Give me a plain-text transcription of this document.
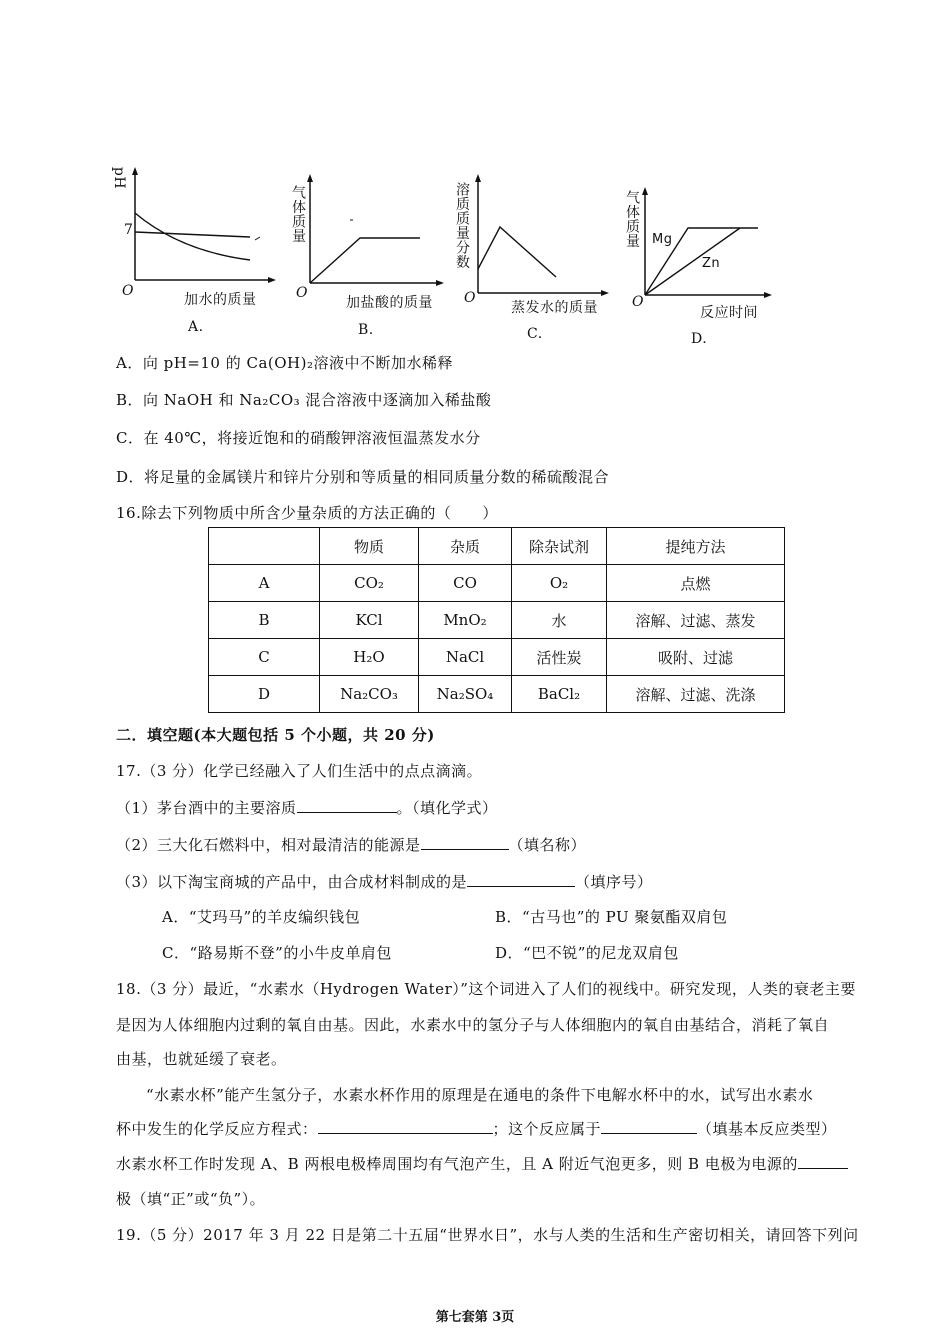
pH
7
O
加水的质量
A.
气体质量
O
加盐酸的质量
B.
溶质质量分数
O
蒸发水的质量
C.
气体质量 Mg
Zn
O
反应时间
D.
A．向 pH=10 的 Ca(OH)₂溶液中不断加水稀释
B．向 NaOH 和 Na₂CO₃ 混合溶液中逐滴加入稀盐酸
C．在 40℃，将接近饱和的硝酸钾溶液恒温蒸发水分
D．将足量的金属镁片和锌片分别和等质量的相同质量分数的稀硫酸混合
16.除去下列物质中所含少量杂质的方法正确的（　　）
	物质	杂质	除杂试剂	提纯方法
A	CO₂	CO	O₂	点燃
B	KCl	MnO₂	水	溶解、过滤、蒸发
C	H₂O	NaCl	活性炭	吸附、过滤
D	Na₂CO₃	Na₂SO₄	BaCl₂	溶解、过滤、洗涤
二．填空题(本大题包括 5 个小题，共 20 分)
17.（3 分）化学已经融入了人们生活中的点点滴滴。
（1）茅台酒中的主要溶质	。（填化学式）
（2）三大化石燃料中，相对最清洁的能源是	（填名称）
（3）以下淘宝商城的产品中，由合成材料制成的是	（填序号）
A．“艾玛马”的羊皮编织钱包	B．“古马也”的 PU 聚氨酯双肩包
C．“路易斯不登”的小牛皮单肩包	D．“巴不锐”的尼龙双肩包
18.（3 分）最近，“水素水（Hydrogen Water）”这个词进入了人们的视线中。研究发现，人类的衰老主要
是因为人体细胞内过剩的氧自由基。因此，水素水中的氢分子与人体细胞内的氧自由基结合，消耗了氧自
由基，也就延缓了衰老。
“水素水杯”能产生氢分子，水素水杯作用的原理是在通电的条件下电解水杯中的水，试写出水素水
杯中发生的化学反应方程式：	；这个反应属于	（填基本反应类型）
水素水杯工作时发现 A、B 两根电极棒周围均有气泡产生，且 A 附近气泡更多，则 B 电极为电源的
极（填“正”或“负”）。
19.（5 分）2017 年 3 月 22 日是第二十五届“世界水日”，水与人类的生活和生产密切相关，请回答下列问
第七套第 3页
